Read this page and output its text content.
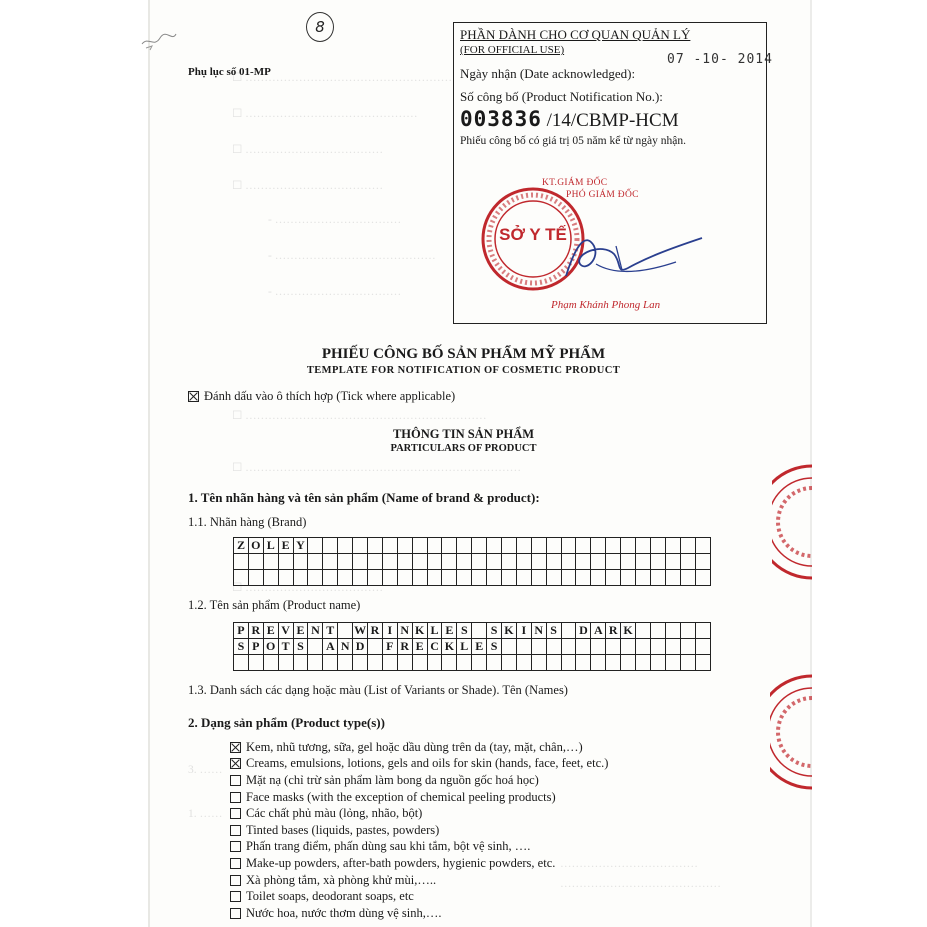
☐ ………………………………………………
☐ ………………………………………
☐ ………………………………
☐ ………………………………
- ……………………………
- ……………………………………
- ……………………………
☐ ………………………………………………………
☐ ………………………………………………………………
☐ ………………………………
3. ……
1. ……
………………………………
……………………………………
8
Phụ lục số 01-MP
PHẦN DÀNH CHO CƠ QUAN QUẢN LÝ
(FOR OFFICIAL USE)
07 -10- 2014
Ngày nhận (Date acknowledged):
Số công bố (Product Notification No.):
003836 /14/CBMP-HCM
Phiếu công bố có giá trị 05 năm kể từ ngày nhận.
KT.GIÁM ĐỐC
PHÓ GIÁM ĐỐC
SỞ Y TẾ
Phạm Khánh Phong Lan
PHIẾU CÔNG BỐ SẢN PHẨM MỸ PHẨM
TEMPLATE FOR NOTIFICATION OF COSMETIC PRODUCT
Đánh dấu vào ô thích hợp (Tick where applicable)
THÔNG TIN SẢN PHẨM
PARTICULARS OF PRODUCT
1. Tên nhãn hàng và tên sản phẩm (Name of brand & product):
1.1. Nhãn hàng (Brand)
Z	O	L	E	Y																											

1.2. Tên sản phẩm (Product name)
P	R	E	V	E	N	T		W	R	I	N	K	L	E	S		S	K	I	N	S		D	A	R	K					
S	P	O	T	S		A	N	D		F	R	E	C	K	L	E	S														

1.3. Danh sách các dạng hoặc màu (List of Variants or Shade). Tên (Names)
2. Dạng sản phẩm (Product type(s))
Kem, nhũ tương, sữa, gel hoặc dầu dùng trên da (tay, mặt, chân,…)
Creams, emulsions, lotions, gels and oils for skin (hands, face, feet, etc.)
Mặt nạ (chỉ trừ sản phẩm làm bong da nguồn gốc hoá học)
Face masks (with the exception of chemical peeling products)
Các chất phủ màu (lỏng, nhão, bột)
Tinted bases (liquids, pastes, powders)
Phấn trang điểm, phấn dùng sau khi tắm, bột vệ sinh, ….
Make-up powders, after-bath powders, hygienic powders, etc.
Xà phòng tắm, xà phòng khử mùi,…..
Toilet soaps, deodorant soaps, etc
Nước hoa, nước thơm dùng vệ sinh,….
